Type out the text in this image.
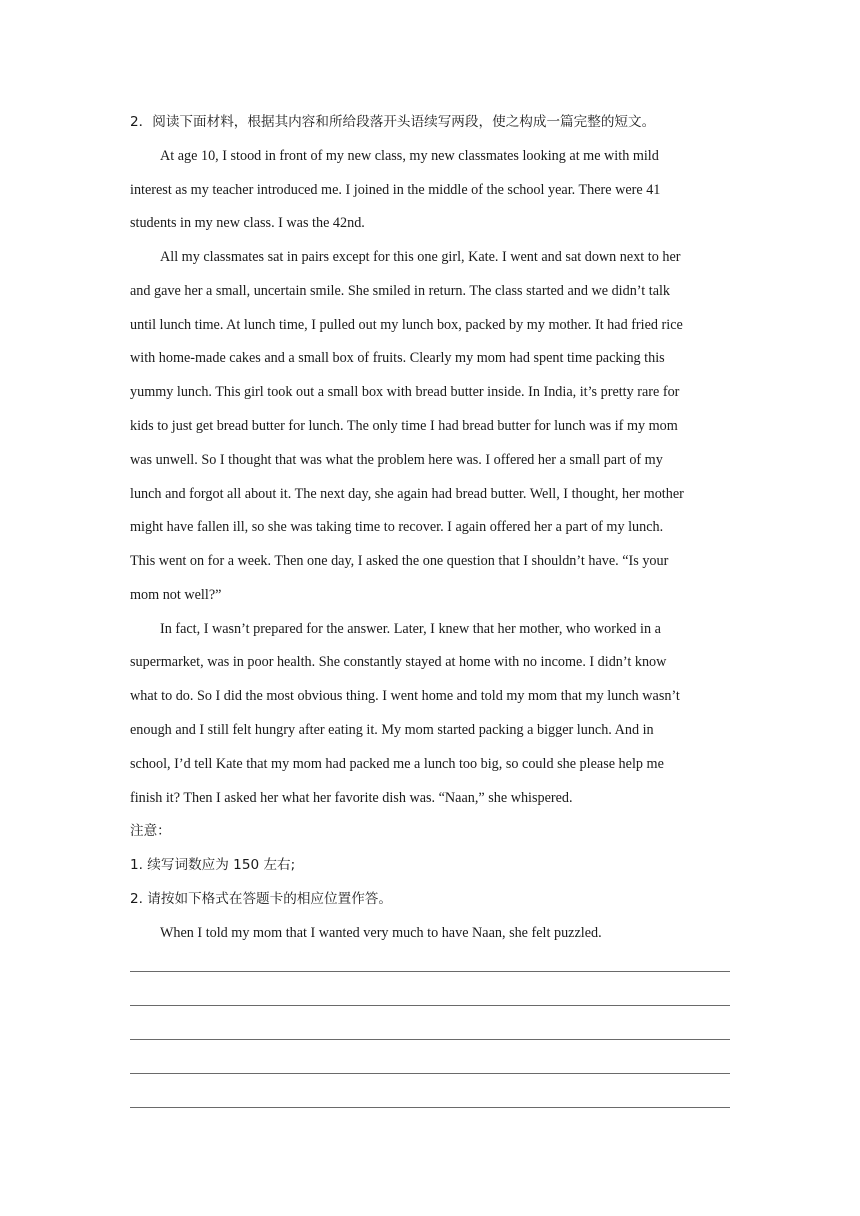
2．阅读下面材料，根据其内容和所给段落开头语续写两段，使之构成一篇完整的短文。
At age 10, I stood in front of my new class, my new classmates looking at me with mild
interest as my teacher introduced me. I joined in the middle of the school year. There were 41
students in my new class. I was the 42nd.
All my classmates sat in pairs except for this one girl, Kate. I went and sat down next to her
and gave her a small, uncertain smile. She smiled in return. The class started and we didn’t talk
until lunch time. At lunch time, I pulled out my lunch box, packed by my mother. It had fried rice
with home-made cakes and a small box of fruits. Clearly my mom had spent time packing this
yummy lunch. This girl took out a small box with bread butter inside. In India, it’s pretty rare for
kids to just get bread butter for lunch. The only time I had bread butter for lunch was if my mom
was unwell. So I thought that was what the problem here was. I offered her a small part of my
lunch and forgot all about it. The next day, she again had bread butter. Well, I thought, her mother
might have fallen ill, so she was taking time to recover. I again offered her a part of my lunch.
This went on for a week. Then one day, I asked the one question that I shouldn’t have. “Is your
mom not well?”
In fact, I wasn’t prepared for the answer. Later, I knew that her mother, who worked in a
supermarket, was in poor health. She constantly stayed at home with no income. I didn’t know
what to do. So I did the most obvious thing. I went home and told my mom that my lunch wasn’t
enough and I still felt hungry after eating it. My mom started packing a bigger lunch. And in
school, I’d tell Kate that my mom had packed me a lunch too big, so could she please help me
finish it? Then I asked her what her favorite dish was. “Naan,” she whispered.
注意：
1. 续写词数应为 150 左右;
2. 请按如下格式在答题卡的相应位置作答。
When I told my mom that I wanted very much to have Naan, she felt puzzled.
